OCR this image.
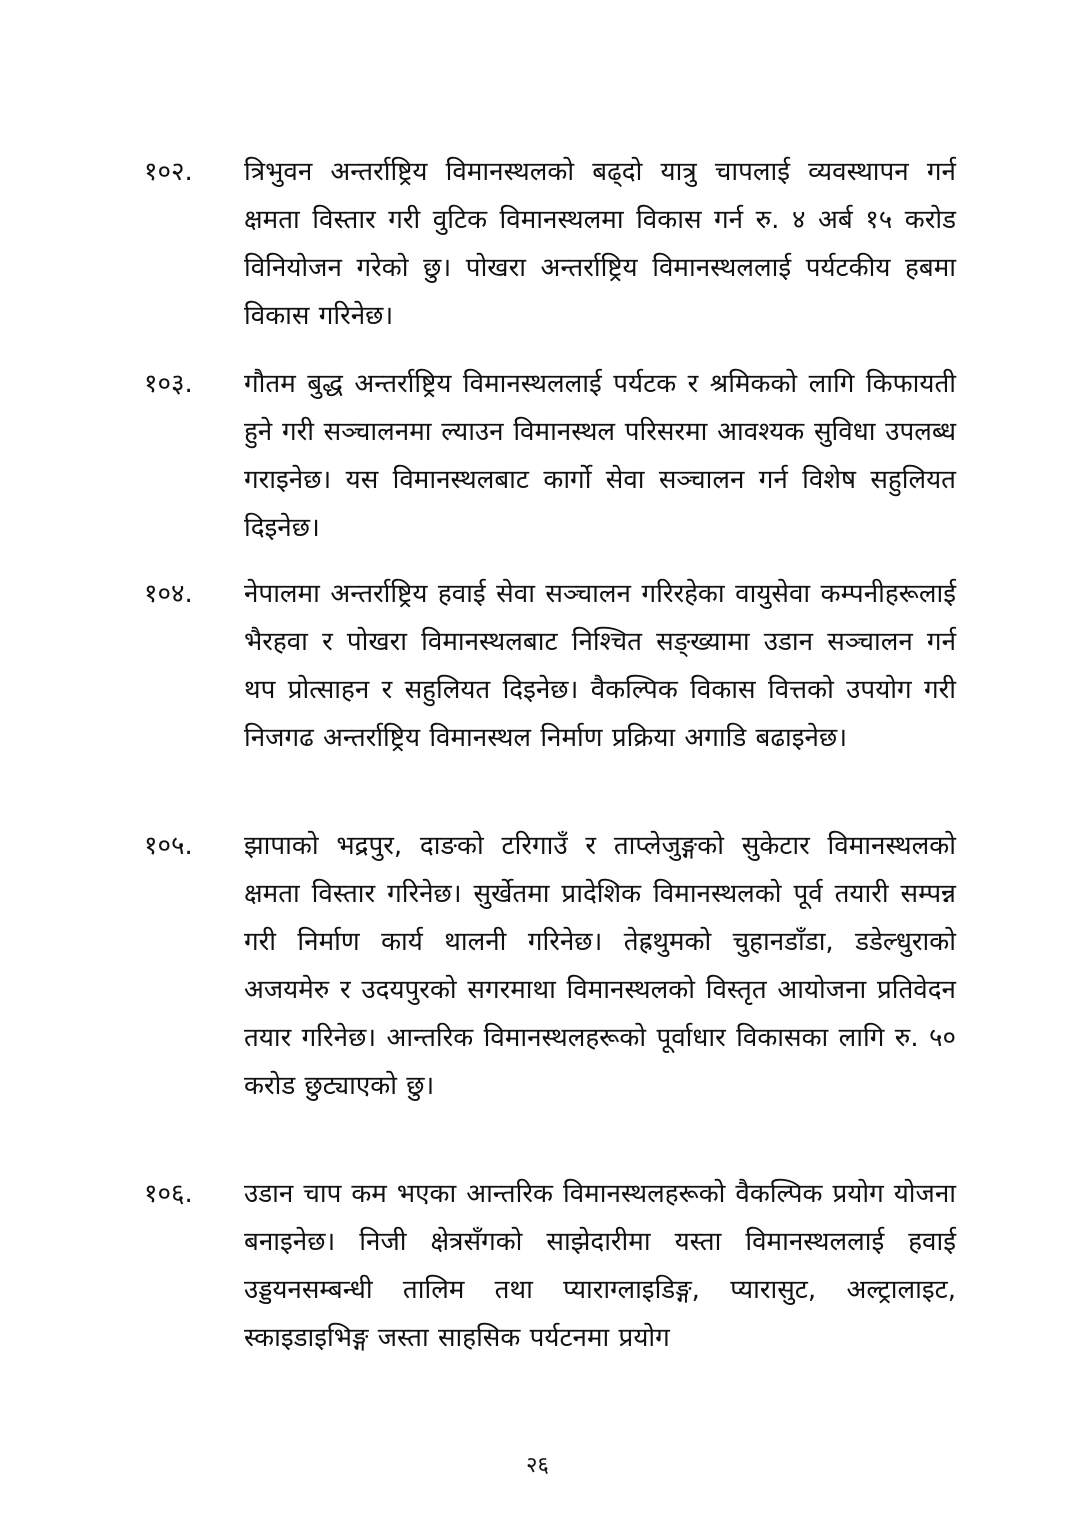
१०२.	त्रिभुवन अन्तर्राष्ट्रिय विमानस्थलको बढ्दो यात्रु चापलाई व्यवस्थापन गर्न क्षमता विस्तार गरी वुटिक विमानस्थलमा विकास गर्न रु. ४ अर्ब १५ करोड विनियोजन गरेको छु। पोखरा अन्तर्राष्ट्रिय विमानस्थललाई पर्यटकीय हबमा विकास गरिनेछ।
१०३.	गौतम बुद्ध अन्तर्राष्ट्रिय विमानस्थललाई पर्यटक र श्रमिकको लागि किफायती हुने गरी सञ्चालनमा ल्याउन विमानस्थल परिसरमा आवश्यक सुविधा उपलब्ध गराइनेछ। यस विमानस्थलबाट कार्गो सेवा सञ्चालन गर्न विशेष सहुलियत दिइनेछ।
१०४.	नेपालमा अन्तर्राष्ट्रिय हवाई सेवा सञ्चालन गरिरहेका वायुसेवा कम्पनीहरूलाई भैरहवा र पोखरा विमानस्थलबाट निश्चित सङ्ख्यामा उडान सञ्चालन गर्न थप प्रोत्साहन र सहुलियत दिइनेछ। वैकल्पिक विकास वित्तको उपयोग गरी निजगढ अन्तर्राष्ट्रिय विमानस्थल निर्माण प्रक्रिया अगाडि बढाइनेछ।
१०५.	झापाको भद्रपुर, दाङको टरिगाउँ र ताप्लेजुङ्गको सुकेटार विमानस्थलको क्षमता विस्तार गरिनेछ। सुर्खेतमा प्रादेशिक विमानस्थलको पूर्व तयारी सम्पन्न गरी निर्माण कार्य थालनी गरिनेछ। तेह्रथुमको चुहानडाँडा, डडेल्धुराको अजयमेरु र उदयपुरको सगरमाथा विमानस्थलको विस्तृत आयोजना प्रतिवेदन तयार गरिनेछ। आन्तरिक विमानस्थलहरूको पूर्वाधार विकासका लागि रु. ५० करोड छुट्याएको छु।
१०६.	उडान चाप कम भएका आन्तरिक विमानस्थलहरूको वैकल्पिक प्रयोग योजना बनाइनेछ। निजी क्षेत्रसँगको साझेदारीमा यस्ता विमानस्थललाई हवाई उड्डयनसम्बन्धी तालिम तथा प्याराग्लाइडिङ्ग, प्यारासुट, अल्ट्रालाइट, स्काइडाइभिङ्ग जस्ता साहसिक पर्यटनमा प्रयोग
२६
